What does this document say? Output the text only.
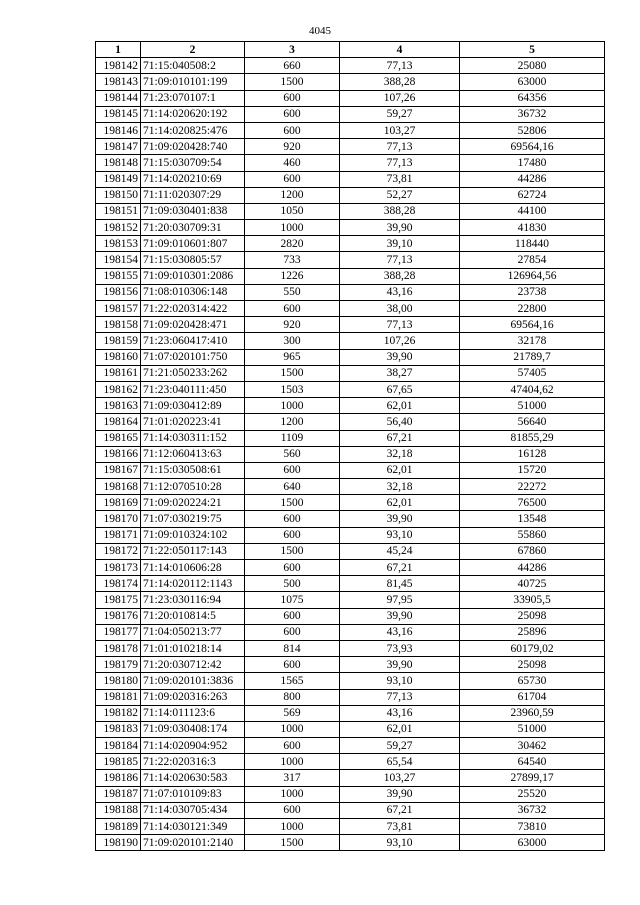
4045
1	2	3	4	5
198142	71:15:040508:2	660	77,13	25080
198143	71:09:010101:199	1500	388,28	63000
198144	71:23:070107:1	600	107,26	64356
198145	71:14:020620:192	600	59,27	36732
198146	71:14:020825:476	600	103,27	52806
198147	71:09:020428:740	920	77,13	69564,16
198148	71:15:030709:54	460	77,13	17480
198149	71:14:020210:69	600	73,81	44286
198150	71:11:020307:29	1200	52,27	62724
198151	71:09:030401:838	1050	388,28	44100
198152	71:20:030709:31	1000	39,90	41830
198153	71:09:010601:807	2820	39,10	118440
198154	71:15:030805:57	733	77,13	27854
198155	71:09:010301:2086	1226	388,28	126964,56
198156	71:08:010306:148	550	43,16	23738
198157	71:22:020314:422	600	38,00	22800
198158	71:09:020428:471	920	77,13	69564,16
198159	71:23:060417:410	300	107,26	32178
198160	71:07:020101:750	965	39,90	21789,7
198161	71:21:050233:262	1500	38,27	57405
198162	71:23:040111:450	1503	67,65	47404,62
198163	71:09:030412:89	1000	62,01	51000
198164	71:01:020223:41	1200	56,40	56640
198165	71:14:030311:152	1109	67,21	81855,29
198166	71:12:060413:63	560	32,18	16128
198167	71:15:030508:61	600	62,01	15720
198168	71:12:070510:28	640	32,18	22272
198169	71:09:020224:21	1500	62,01	76500
198170	71:07:030219:75	600	39,90	13548
198171	71:09:010324:102	600	93,10	55860
198172	71:22:050117:143	1500	45,24	67860
198173	71:14:010606:28	600	67,21	44286
198174	71:14:020112:1143	500	81,45	40725
198175	71:23:030116:94	1075	97,95	33905,5
198176	71:20:010814:5	600	39,90	25098
198177	71:04:050213:77	600	43,16	25896
198178	71:01:010218:14	814	73,93	60179,02
198179	71:20:030712:42	600	39,90	25098
198180	71:09:020101:3836	1565	93,10	65730
198181	71:09:020316:263	800	77,13	61704
198182	71:14:011123:6	569	43,16	23960,59
198183	71:09:030408:174	1000	62,01	51000
198184	71:14:020904:952	600	59,27	30462
198185	71:22:020316:3	1000	65,54	64540
198186	71:14:020630:583	317	103,27	27899,17
198187	71:07:010109:83	1000	39,90	25520
198188	71:14:030705:434	600	67,21	36732
198189	71:14:030121:349	1000	73,81	73810
198190	71:09:020101:2140	1500	93,10	63000
